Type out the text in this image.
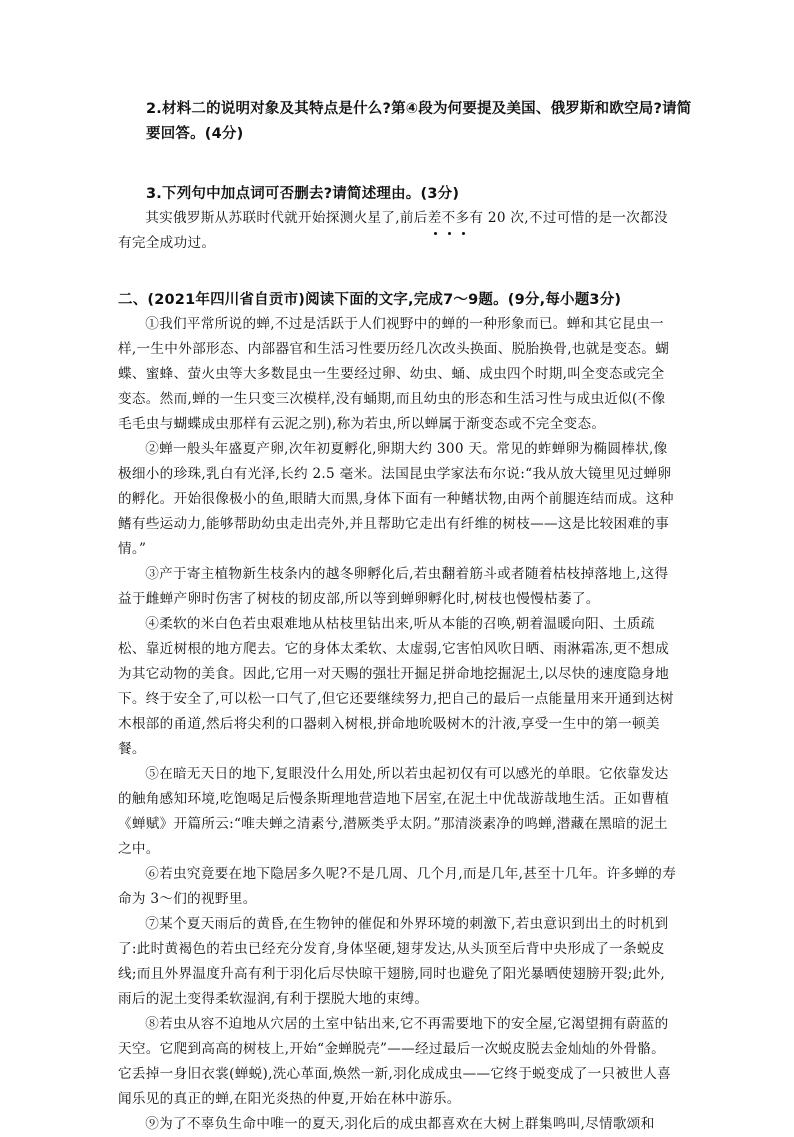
2.材料二的说明对象及其特点是什么?第④段为何要提及美国、俄罗斯和欧空局?请简要回答。(4分)
3.下列句中加点词可否删去?请简述理由。(3分)

其实俄罗斯从苏联时代就开始探测火星了,前后差不多有
20 次,不过可惜的是一次都没有完全成功过。

二、(2021年四川省自贡市)阅读下面的文字,完成7～9题。(9分,每小题3分)

①我们平常所说的蝉,不过是活跃于人们视野中的蝉的一种形象而已。蝉和其它昆虫一样,一生中外部形态、内部器官和生活习性要历经几次改头换面、脱胎换骨,也就是变态。蝴蝶、蜜蜂、萤火虫等大多数昆虫一生要经过卵、幼虫、蛹、成虫四个时期,叫全变态或完全变态。然而,蝉的一生只变三次模样,没有蛹期,而且幼虫的形态和生活习性与成虫近似(不像毛毛虫与蝴蝶成虫那样有云泥之别),称为若虫,所以蝉属于渐变态或不完全变态。

②蝉一般头年盛夏产卵,次年初夏孵化,卵期大约 300 天。常见的蚱蝉卵为椭圆棒状,像极细小的珍珠,乳白有光泽,长约 2.5 毫米。法国昆虫学家法布尔说:“我从放大镜里见过蝉卵的孵化。开始很像极小的鱼,眼睛大而黑,身体下面有一种鳍状物,由两个前腿连结而成。这种鳍有些运动力,能够帮助幼虫走出壳外,并且帮助它走出有纤维的树枝——这是比较困难的事情。”

③产于寄主植物新生枝条内的越冬卵孵化后,若虫翻着筋斗或者随着枯枝掉落地上,这得益于雌蝉产卵时伤害了树枝的韧皮部,所以等到蝉卵孵化时,树枝也慢慢枯萎了。

④柔软的米白色若虫艰难地从枯枝里钻出来,听从本能的召唤,朝着温暖向阳、土质疏松、靠近树根的地方爬去。它的身体太柔软、太虚弱,它害怕风吹日晒、雨淋霜冻,更不想成为其它动物的美食。因此,它用一对天赐的强壮开掘足拼命地挖掘泥土,以尽快的速度隐身地下。终于安全了,可以松一口气了,但它还要继续努力,把自己的最后一点能量用来开通到达树木根部的甬道,然后将尖利的口器刺入树根,拼命地吮吸树木的汁液,享受一生中的第一顿美餐。

⑤在暗无天日的地下,复眼没什么用处,所以若虫起初仅有可以感光的单眼。它依靠发达的触角感知环境,吃饱喝足后慢条斯理地营造地下居室,在泥土中优哉游哉地生活。正如曹植《蝉赋》开篇所云:“唯夫蝉之清素兮,潜厥类乎太阴。”那清淡素净的鸣蝉,潜藏在黑暗的泥土之中。

⑥若虫究竟要在地下隐居多久呢?不是几周、几个月,而是几年,甚至十几年。许多蝉的寿命为 3～们的视野里。

⑦某个夏天雨后的黄昏,在生物钟的催促和外界环境的刺激下,若虫意识到出土的时机到了:此时黄褐色的若虫已经充分发育,身体坚硬,翅芽发达,从头顶至后背中央形成了一条蜕皮线;而且外界温度升高有利于羽化后尽快晾干翅膀,同时也避免了阳光暴晒使翅膀开裂;此外,雨后的泥土变得柔软湿润,有利于摆脱大地的束缚。

⑧若虫从容不迫地从穴居的土室中钻出来,它不再需要地下的安全屋,它渴望拥有蔚蓝的天空。它爬到高高的树枝上,开始“金蝉脱壳”——经过最后一次蜕皮脱去金灿灿的外骨骼。它丢掉一身旧衣裳(蝉蜕),洗心革面,焕然一新,羽化成成虫——它终于蜕变成了一只被世人喜闻乐见的真正的蝉,在阳光炎热的仲夏,开始在林中游乐。

⑨为了不辜负生命中唯一的夏天,羽化后的成虫都喜欢在大树上群集鸣叫,尽情歌颂和
